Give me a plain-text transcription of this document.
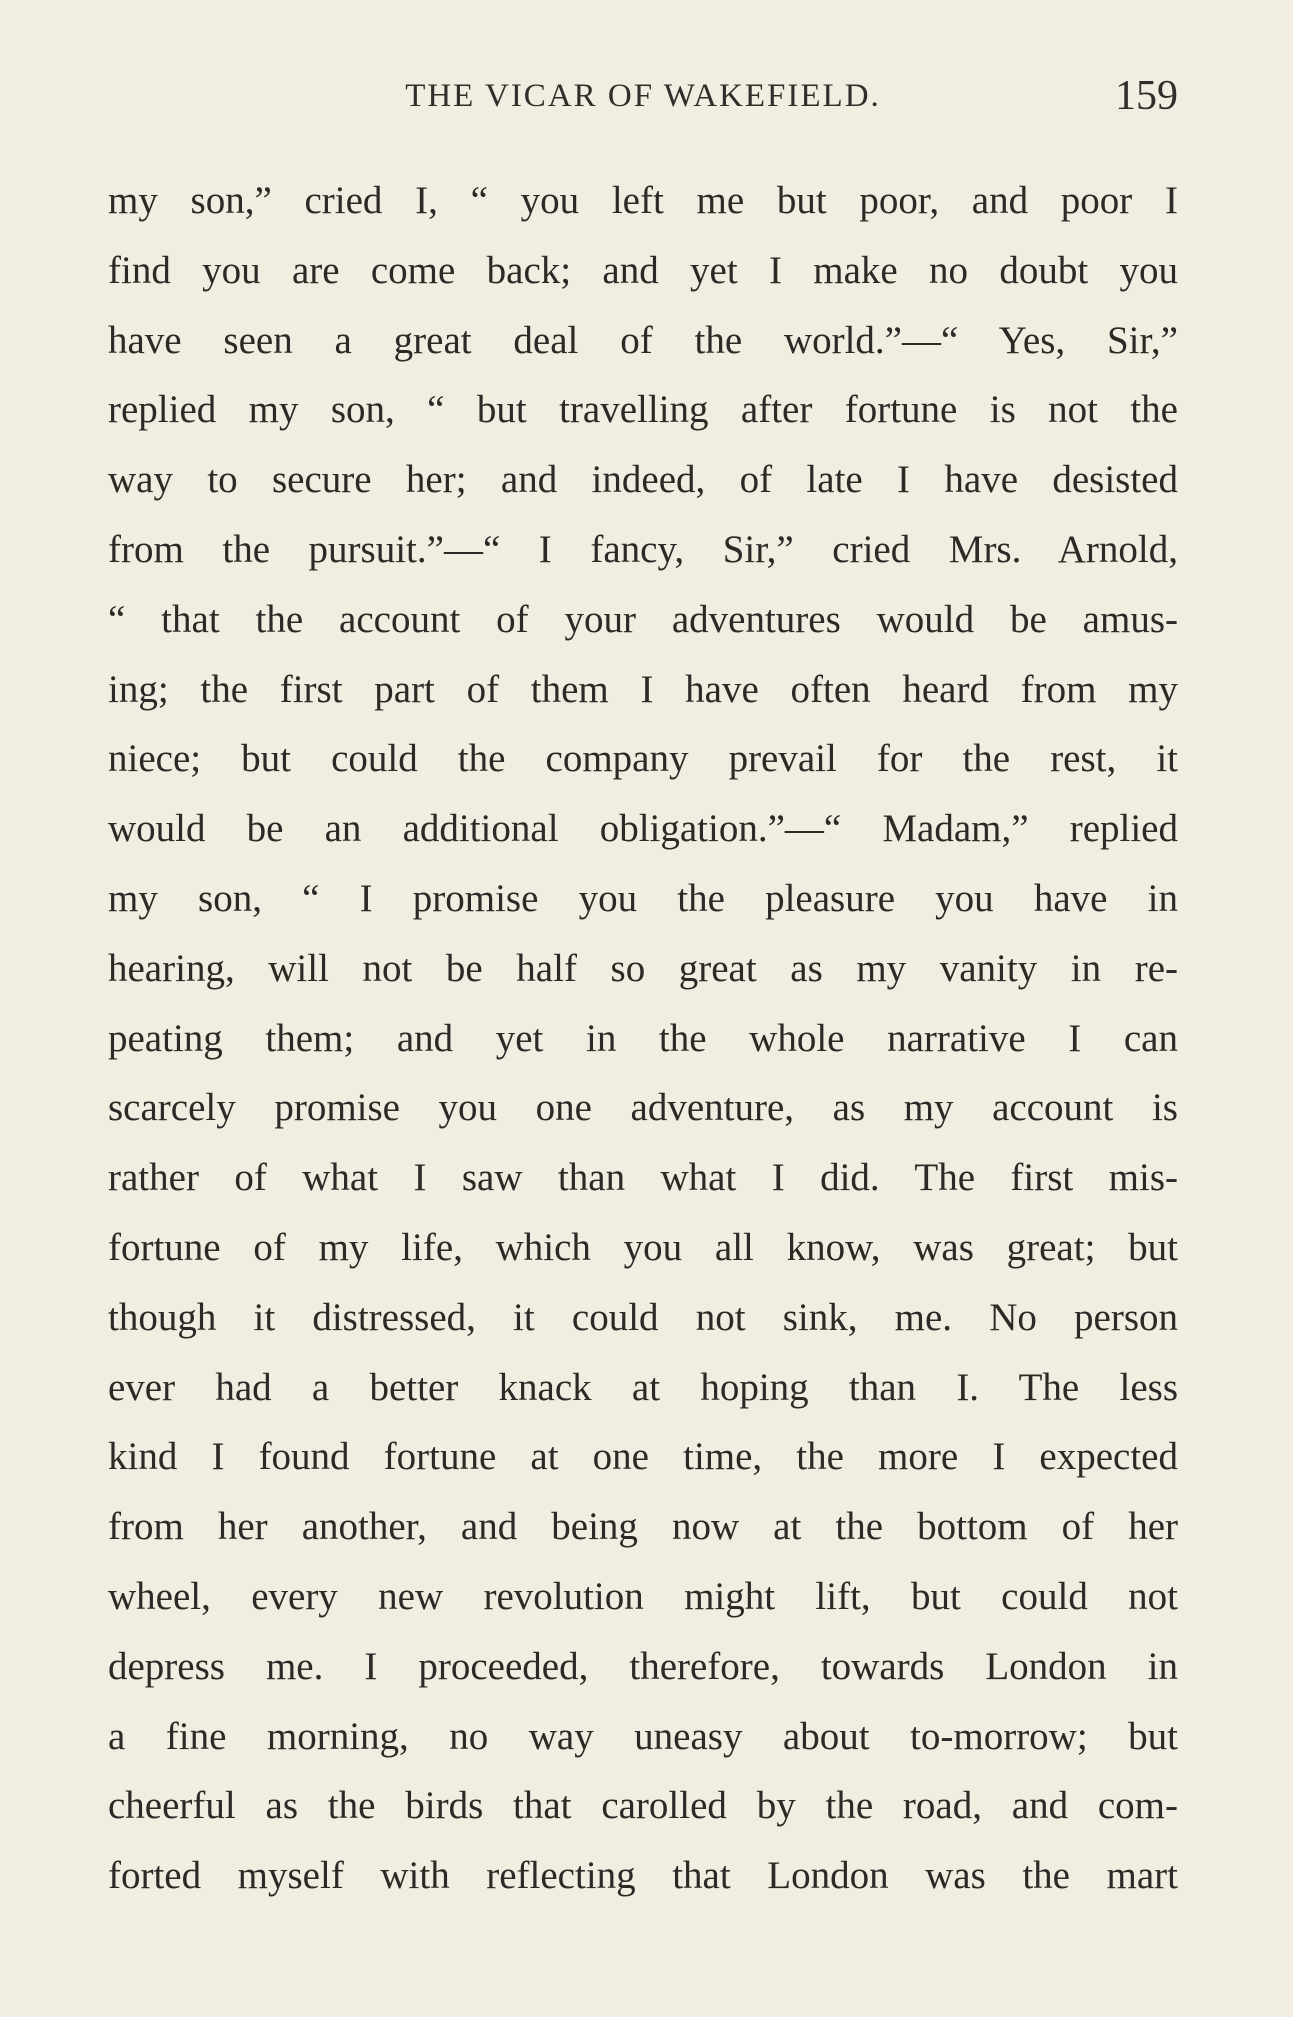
THE VICAR OF WAKEFIELD.	159
my son,” cried I, “ you left me but poor, and poor I
find you are come back; and yet I make no doubt you
have seen a great deal of the world.”—“ Yes, Sir,”
replied my son, “ but travelling after fortune is not the
way to secure her; and indeed, of late I have desisted
from the pursuit.”—“ I fancy, Sir,” cried Mrs. Arnold,
“ that the account of your adventures would be amus-
ing; the first part of them I have often heard from my
niece; but could the company prevail for the rest, it
would be an additional obligation.”—“ Madam,” replied
my son, “ I promise you the pleasure you have in
hearing, will not be half so great as my vanity in re-
peating them; and yet in the whole narrative I can
scarcely promise you one adventure, as my account is
rather of what I saw than what I did. The first mis-
fortune of my life, which you all know, was great; but
though it distressed, it could not sink, me. No person
ever had a better knack at hoping than I. The less
kind I found fortune at one time, the more I expected
from her another, and being now at the bottom of her
wheel, every new revolution might lift, but could not
depress me. I proceeded, therefore, towards London in
a fine morning, no way uneasy about to-morrow; but
cheerful as the birds that carolled by the road, and com-
forted myself with reflecting that London was the mart
